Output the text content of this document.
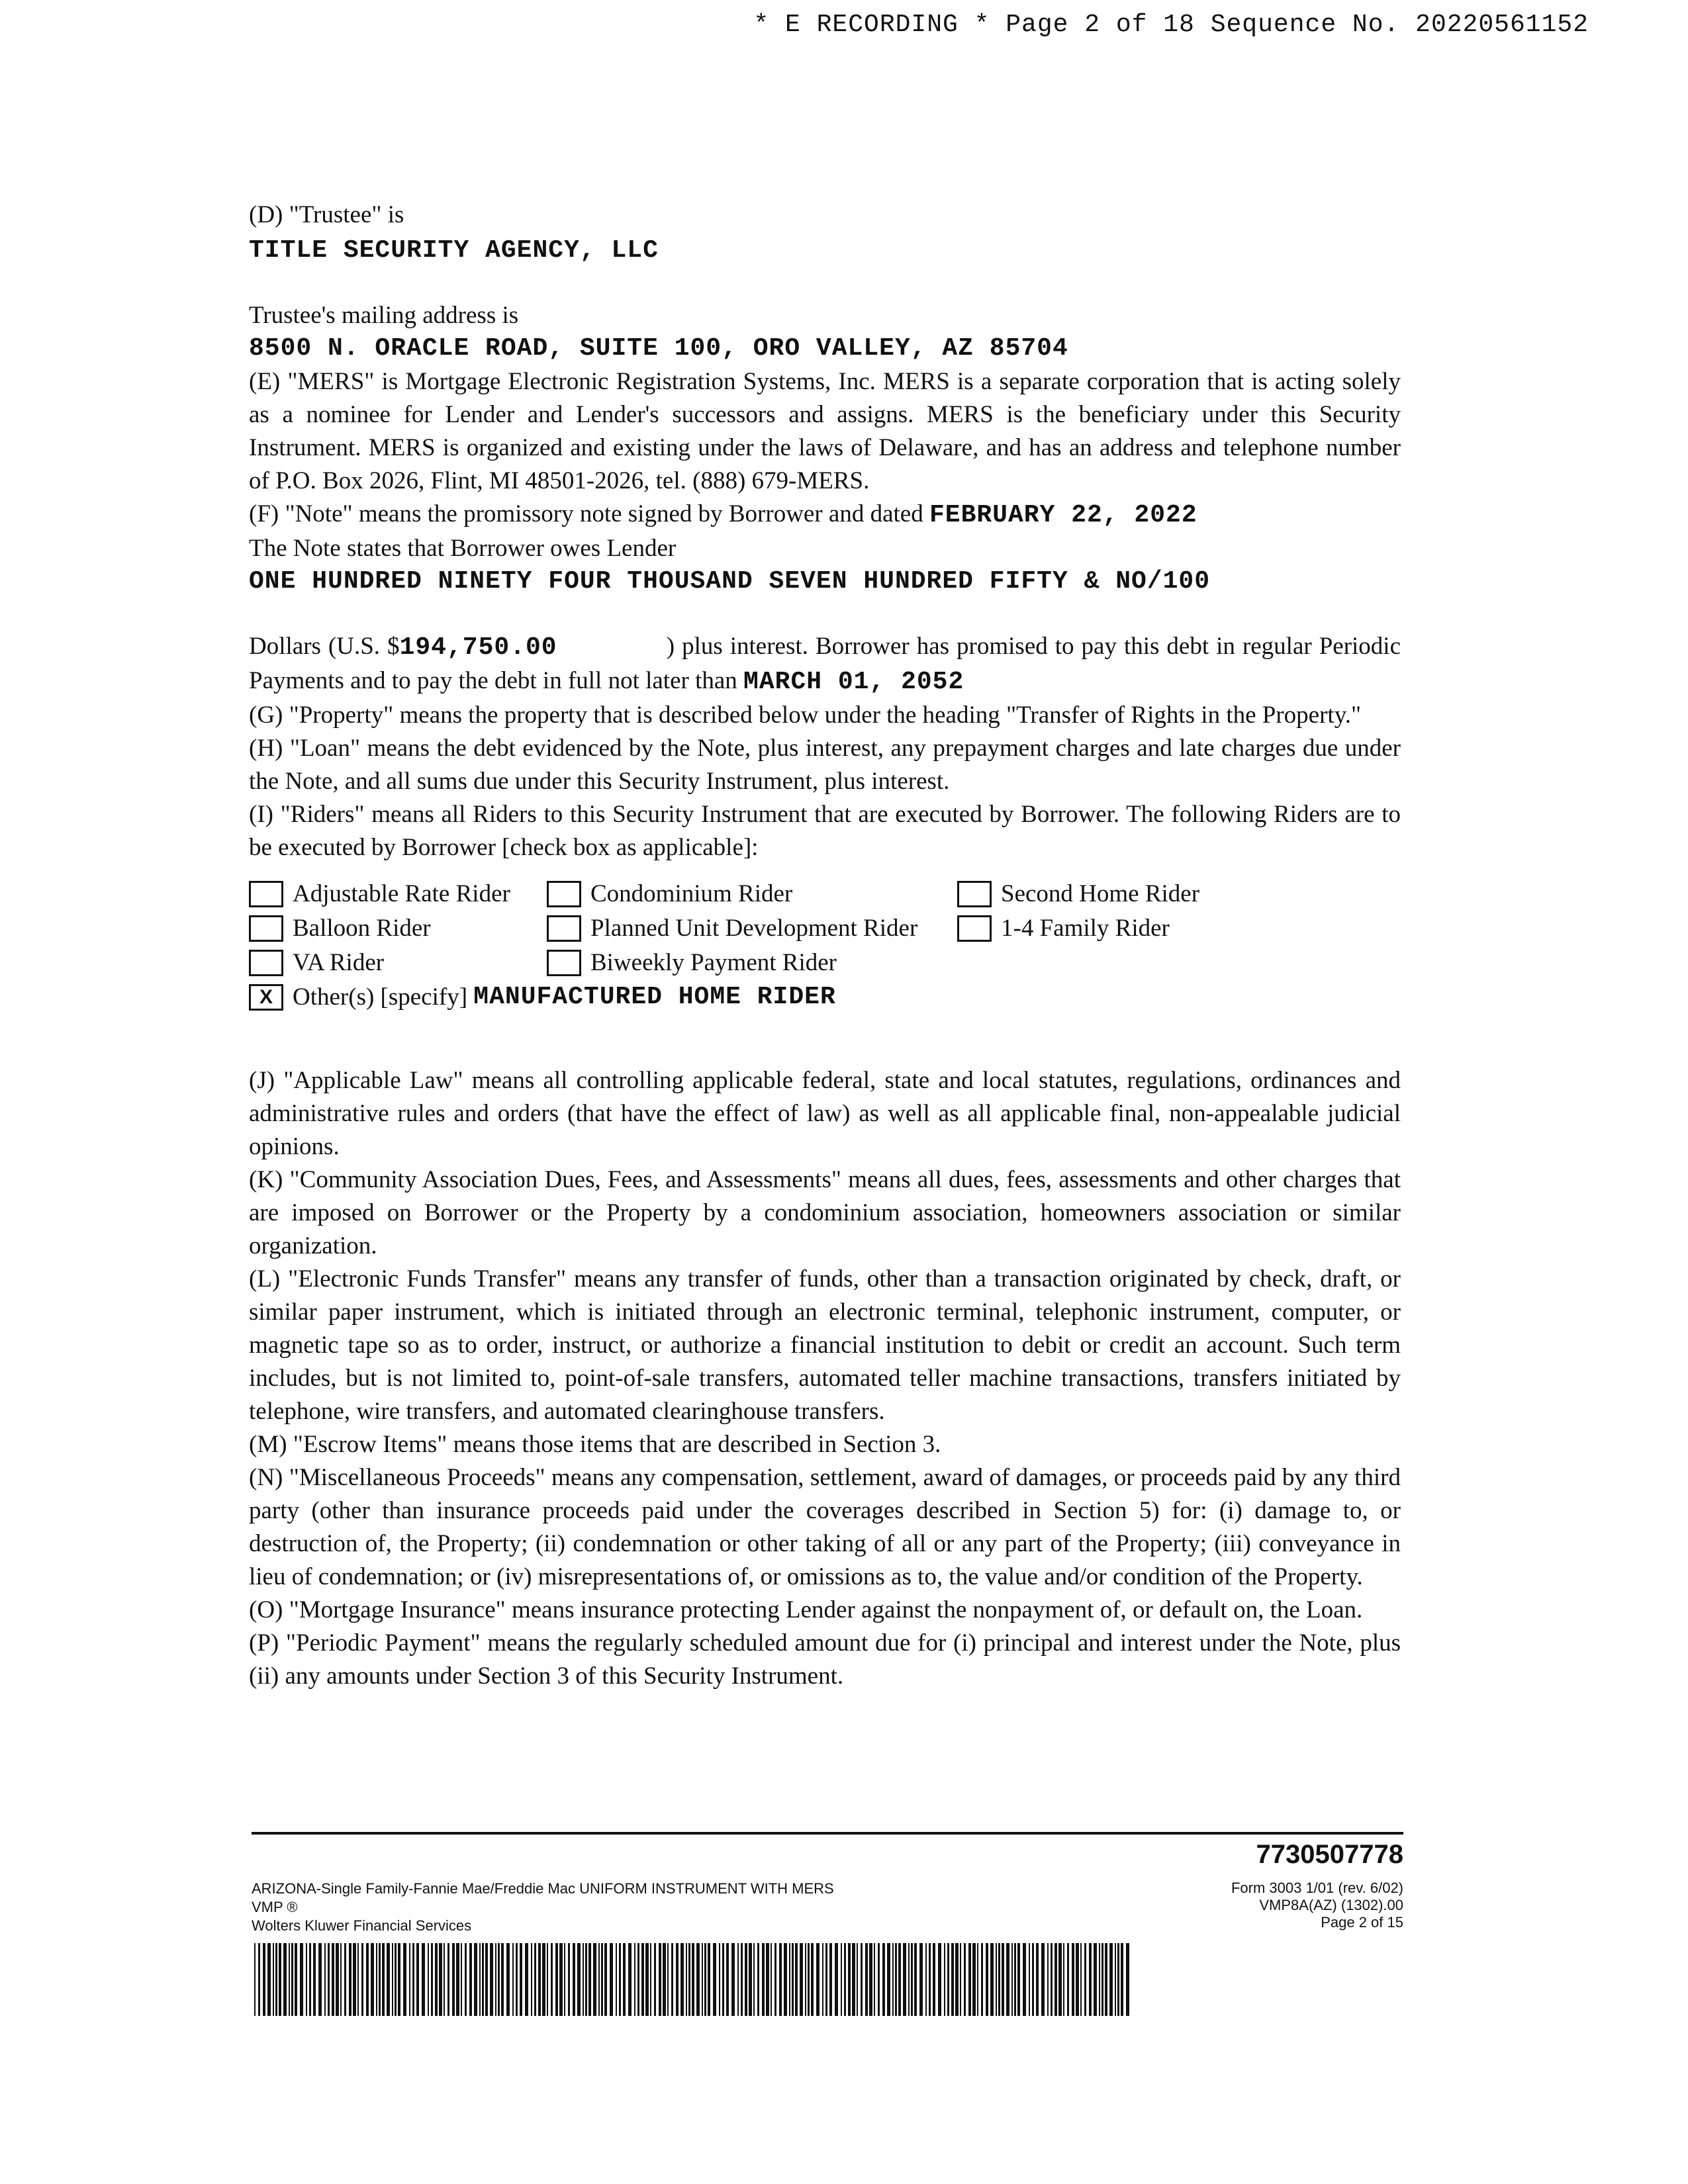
* E RECORDING * Page 2 of 18 Sequence No. 20220561152

(D) "Trustee" is

TITLE SECURITY AGENCY, LLC

Trustee's mailing address is

8500 N. ORACLE ROAD, SUITE 100, ORO VALLEY, AZ 85704

(E) "MERS" is Mortgage Electronic Registration Systems, Inc. MERS is a separate corporation that is acting solely as a nominee for Lender and Lender's successors and assigns. MERS is the beneficiary under this Security Instrument. MERS is organized and existing under the laws of Delaware, and has an address and telephone number of P.O. Box 2026, Flint, MI 48501-2026, tel. (888) 679-MERS.

(F) "Note" means the promissory note signed by Borrower and dated FEBRUARY 22, 2022

The Note states that Borrower owes Lender

ONE HUNDRED NINETY FOUR THOUSAND SEVEN HUNDRED FIFTY & NO/100

Dollars (U.S. $194,750.00	) plus interest. Borrower has promised to pay this debt in regular Periodic Payments and to pay the debt in full not later than MARCH 01, 2052

(G) "Property" means the property that is described below under the heading "Transfer of Rights in the Property."

(H) "Loan" means the debt evidenced by the Note, plus interest, any prepayment charges and late charges due under the Note, and all sums due under this Security Instrument, plus interest.

(I) "Riders" means all Riders to this Security Instrument that are executed by Borrower. The following Riders are to be executed by Borrower [check box as applicable]:

Adjustable Rate Rider	Condominium Rider	Second Home Rider
Balloon Rider	Planned Unit Development Rider	1-4 Family Rider
VA Rider	Biweekly Payment Rider
X Other(s) [specify]
MANUFACTURED HOME RIDER

(J) "Applicable Law" means all controlling applicable federal, state and local statutes, regulations, ordinances and administrative rules and orders (that have the effect of law) as well as all applicable final, non-appealable judicial opinions.

(K) "Community Association Dues, Fees, and Assessments" means all dues, fees, assessments and other charges that are imposed on Borrower or the Property by a condominium association, homeowners association or similar organization.

(L) "Electronic Funds Transfer" means any transfer of funds, other than a transaction originated by check, draft, or similar paper instrument, which is initiated through an electronic terminal, telephonic instrument, computer, or magnetic tape so as to order, instruct, or authorize a financial institution to debit or credit an account. Such term includes, but is not limited to, point-of-sale transfers, automated teller machine transactions, transfers initiated by telephone, wire transfers, and automated clearinghouse transfers.

(M) "Escrow Items" means those items that are described in Section 3.

(N) "Miscellaneous Proceeds" means any compensation, settlement, award of damages, or proceeds paid by any third party (other than insurance proceeds paid under the coverages described in Section 5) for: (i) damage to, or destruction of, the Property; (ii) condemnation or other taking of all or any part of the Property; (iii) conveyance in lieu of condemnation; or (iv) misrepresentations of, or omissions as to, the value and/or condition of the Property.

(O) "Mortgage Insurance" means insurance protecting Lender against the nonpayment of, or default on, the Loan.

(P) "Periodic Payment" means the regularly scheduled amount due for (i) principal and interest under the Note, plus (ii) any amounts under Section 3 of this Security Instrument.

7730507778
ARIZONA-Single Family-Fannie Mae/Freddie Mac UNIFORM INSTRUMENT WITH MERS
VMP ®
Wolters Kluwer Financial Services
Form 3003 1/01 (rev. 6/02)
VMP8A(AZ) (1302).00
Page 2 of 15
